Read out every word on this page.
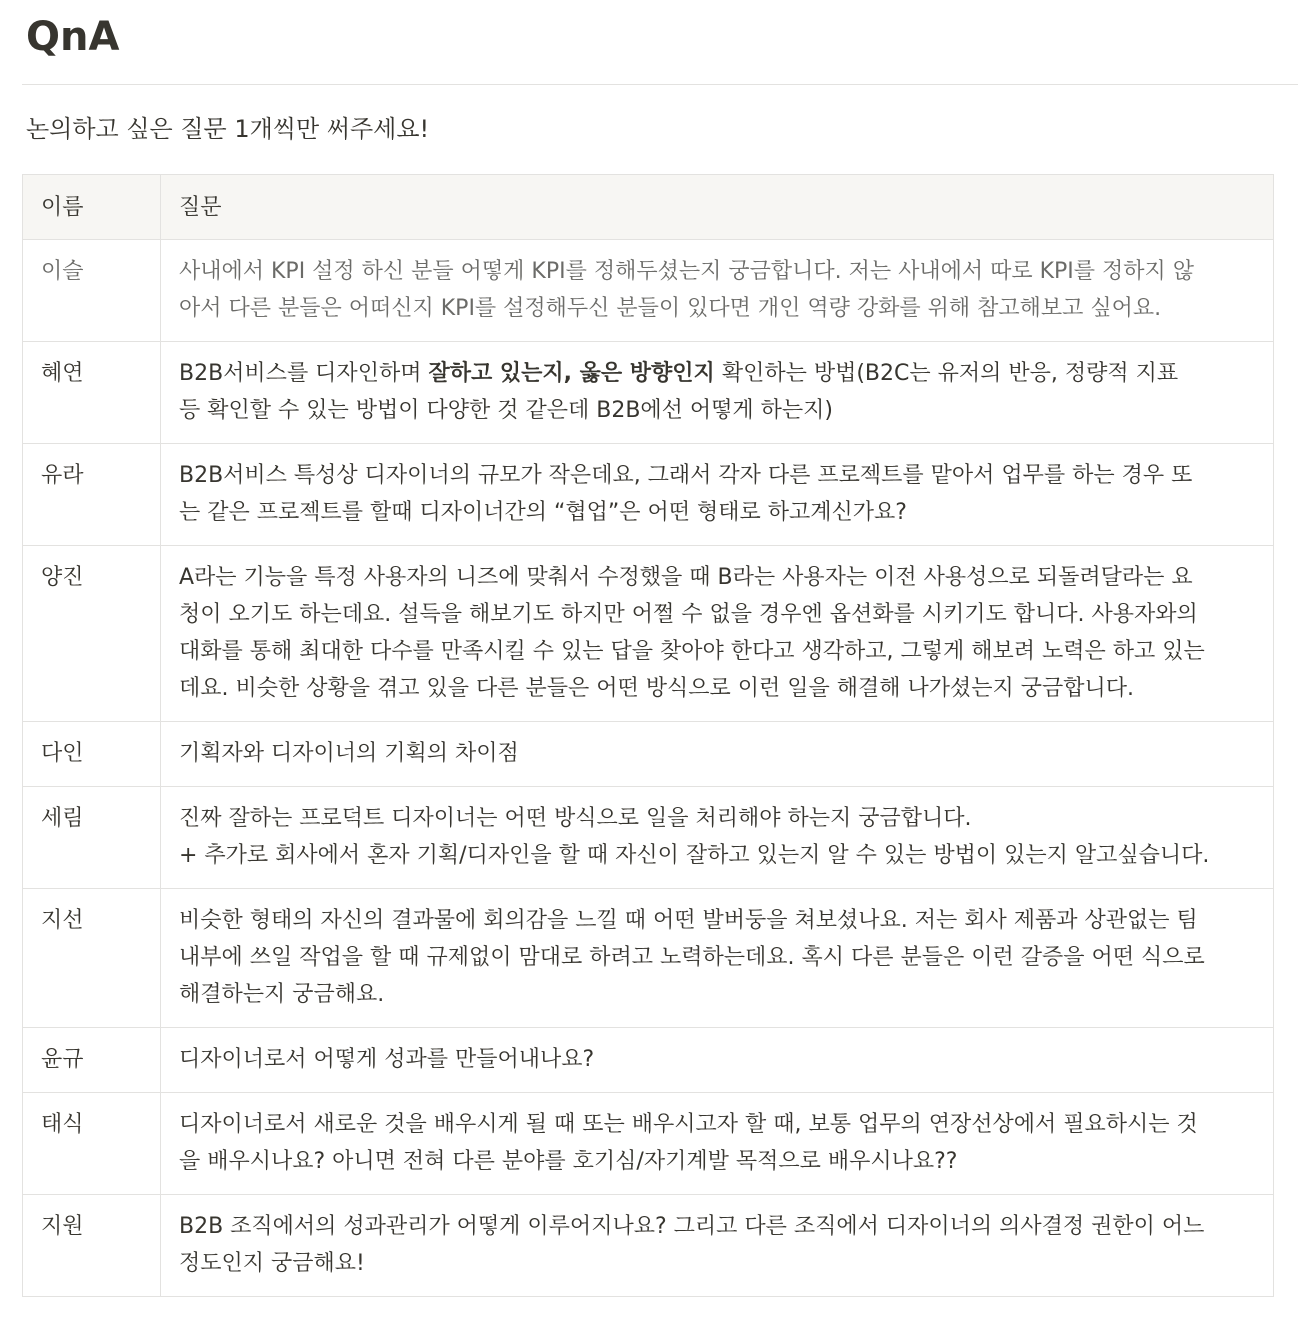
QnA

논의하고 싶은 질문 1개씩만 써주세요!

이름	질문
이슬	사내에서 KPI 설정 하신 분들 어떻게 KPI를 정해두셨는지 궁금합니다. 저는 사내에서 따로 KPI를 정하지 않
아서 다른 분들은 어떠신지 KPI를 설정해두신 분들이 있다면 개인 역량 강화를 위해 참고해보고 싶어요.
혜연	B2B서비스를 디자인하며 잘하고 있는지, 옳은 방향인지 확인하는 방법(B2C는 유저의 반응, 정량적 지표
등 확인할 수 있는 방법이 다양한 것 같은데 B2B에선 어떻게 하는지)
유라	B2B서비스 특성상 디자이너의 규모가 작은데요, 그래서 각자 다른 프로젝트를 맡아서 업무를 하는 경우 또
는 같은 프로젝트를 할때 디자이너간의 “협업”은 어떤 형태로 하고계신가요?
양진	A라는 기능을 특정 사용자의 니즈에 맞춰서 수정했을 때 B라는 사용자는 이전 사용성으로 되돌려달라는 요
청이 오기도 하는데요. 설득을 해보기도 하지만 어쩔 수 없을 경우엔 옵션화를 시키기도 합니다. 사용자와의
대화를 통해 최대한 다수를 만족시킬 수 있는 답을 찾아야 한다고 생각하고, 그렇게 해보려 노력은 하고 있는
데요. 비슷한 상황을 겪고 있을 다른 분들은 어떤 방식으로 이런 일을 해결해 나가셨는지 궁금합니다.
다인	기획자와 디자이너의 기획의 차이점
세림	진짜 잘하는 프로덕트 디자이너는 어떤 방식으로 일을 처리해야 하는지 궁금합니다.
+ 추가로 회사에서 혼자 기획/디자인을 할 때 자신이 잘하고 있는지 알 수 있는 방법이 있는지 알고싶습니다.
지선	비슷한 형태의 자신의 결과물에 회의감을 느낄 때 어떤 발버둥을 쳐보셨나요. 저는 회사 제품과 상관없는 팀
내부에 쓰일 작업을 할 때 규제없이 맘대로 하려고 노력하는데요. 혹시 다른 분들은 이런 갈증을 어떤 식으로
해결하는지 궁금해요.
윤규	디자이너로서 어떻게 성과를 만들어내나요?
태식	디자이너로서 새로운 것을 배우시게 될 때 또는 배우시고자 할 때, 보통 업무의 연장선상에서 필요하시는 것
을 배우시나요? 아니면 전혀 다른 분야를 호기심/자기계발 목적으로 배우시나요??
지원	B2B 조직에서의 성과관리가 어떻게 이루어지나요? 그리고 다른 조직에서 디자이너의 의사결정 권한이 어느
정도인지 궁금해요!
